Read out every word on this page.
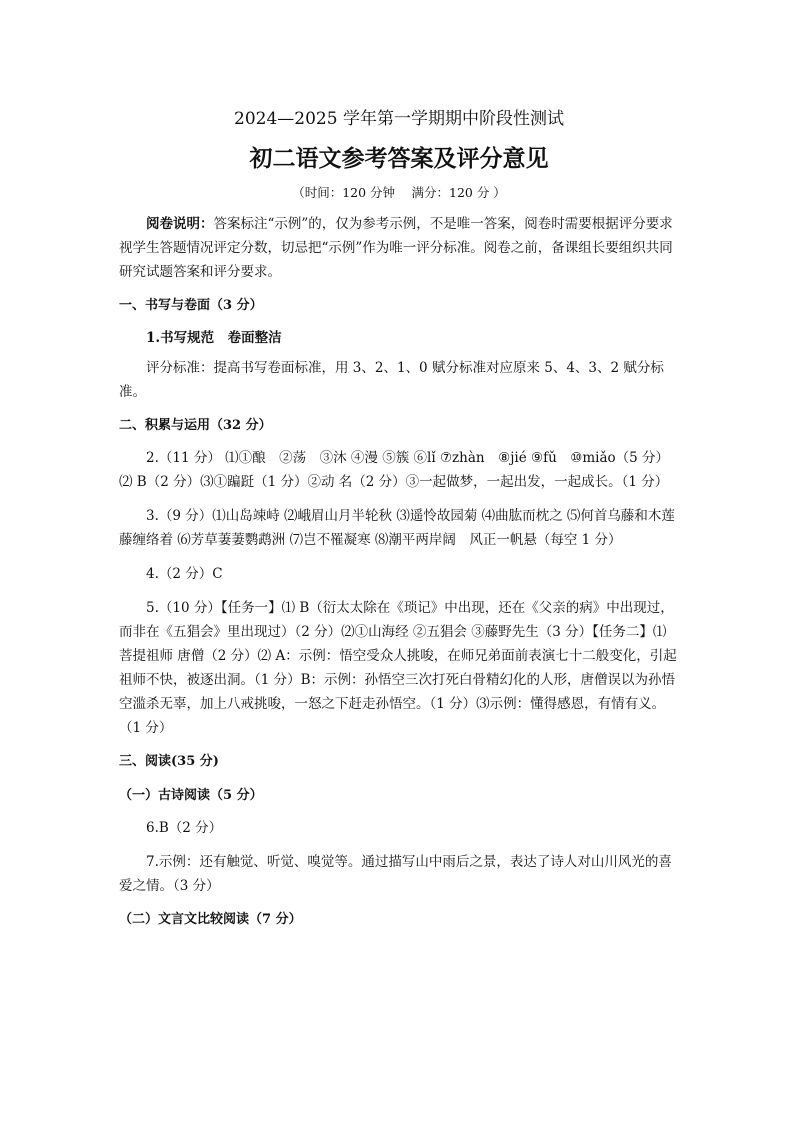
2024—2025 学年第一学期期中阶段性测试

初二语文参考答案及评分意见

（时间：120 分钟　 满分：120 分 ）

阅卷说明：答案标注“示例”的，仅为参考示例，不是唯一答案，阅卷时需要根据评分要求视学生答题情况评定分数，切忌把“示例”作为唯一评分标准。阅卷之前，备课组长要组织共同研究试题答案和评分要求。

一、书写与卷面（3 分）

1.书写规范　卷面整洁

评分标准：提高书写卷面标准，用 3、2、1、0 赋分标准对应原来 5、4、3、2 赋分标准。

二、积累与运用（32 分）

2.（11 分） ⑴①酿　②荡　③沐 ④漫 ⑤簇 ⑥lǐ ⑦zhàn　⑧jié ⑨fǔ　⑩miǎo（5 分）⑵ B（2 分）⑶①蹁跹（1 分）②动 名（2 分）③一起做梦，一起出发，一起成长。（1 分）

3.（9 分）⑴山岛竦峙 ⑵峨眉山月半轮秋 ⑶遥怜故园菊 ⑷曲肱而枕之 ⑸何首乌藤和木莲藤缠络着 ⑹芳草萋萋鹦鹉洲 ⑺岂不罹凝寒 ⑻潮平两岸阔　风正一帆悬（每空 1 分）

4.（2 分）C

5.（10 分）【任务一】⑴ B（衍太太除在《琐记》中出现，还在《父亲的病》中出现过，而非在《五猖会》里出现过）（2 分）⑵①山海经 ②五猖会 ③藤野先生（3 分）【任务二】⑴菩提祖师 唐僧（2 分）⑵ A：示例：悟空受众人挑唆，在师兄弟面前表演七十二般变化，引起祖师不快，被逐出洞。（1 分）B：示例：孙悟空三次打死白骨精幻化的人形，唐僧误以为孙悟空滥杀无辜，加上八戒挑唆，一怒之下赶走孙悟空。（1 分）⑶示例：懂得感恩，有情有义。（1 分）

三、阅读(35 分)

（一）古诗阅读（5 分）

6.B（2 分）

7.示例：还有触觉、听觉、嗅觉等。通过描写山中雨后之景，表达了诗人对山川风光的喜爱之情。（3 分）

（二）文言文比较阅读（7 分）
